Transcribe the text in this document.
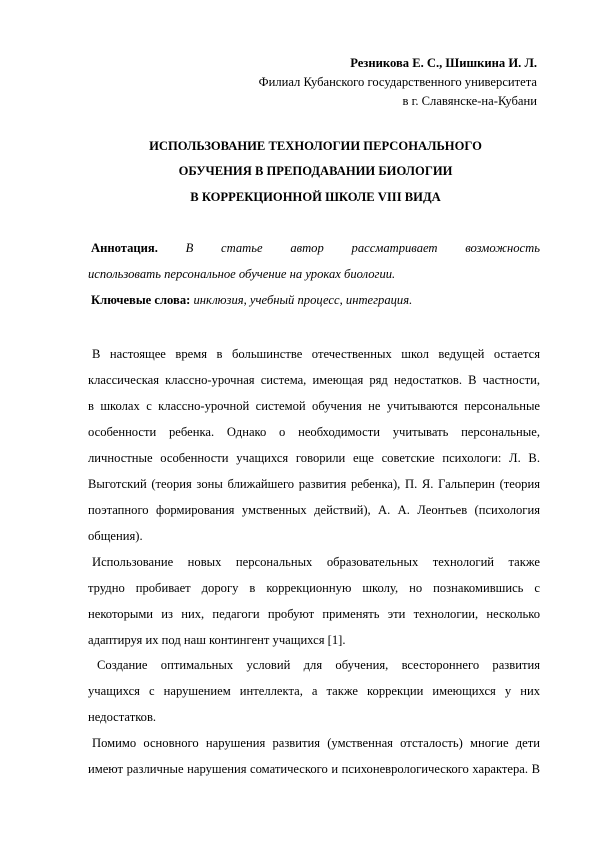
Резникова Е. С., Шишкина И. Л.
Филиал Кубанского государственного университета
в г. Славянске-на-Кубани
ИСПОЛЬЗОВАНИЕ ТЕХНОЛОГИИ ПЕРСОНАЛЬНОГО
ОБУЧЕНИЯ В ПРЕПОДАВАНИИ БИОЛОГИИ
В КОРРЕКЦИОННОЙ ШКОЛЕ VIII ВИДА
Аннотация. В статье автор рассматривает возможность
использовать персональное обучение на уроках биологии.
Ключевые слова: инклюзия, учебный процесс, интеграция.
В настоящее время в большинстве отечественных школ ведущей остается
классическая классно-урочная система, имеющая ряд недостатков. В частности,
в школах с классно-урочной системой обучения не учитываются персональные
особенности ребенка. Однако о необходимости учитывать персональные,
личностные особенности учащихся говорили еще советские психологи: Л. В.
Выготский (теория зоны ближайшего развития ребенка), П. Я. Гальперин (теория
поэтапного формирования умственных действий), А. А. Леонтьев (психология
общения).
Использование новых персональных образовательных технологий также
трудно пробивает дорогу в коррекционную школу, но познакомившись с
некоторыми из них, педагоги пробуют применять эти технологии, несколько
адаптируя их под наш контингент учащихся [1].
Создание оптимальных условий для обучения, всестороннего развития
учащихся с нарушением интеллекта, а также коррекции имеющихся у них
недостатков.
Помимо основного нарушения развития (умственная отсталость) многие дети
имеют различные нарушения соматического и психоневрологического характера. В
